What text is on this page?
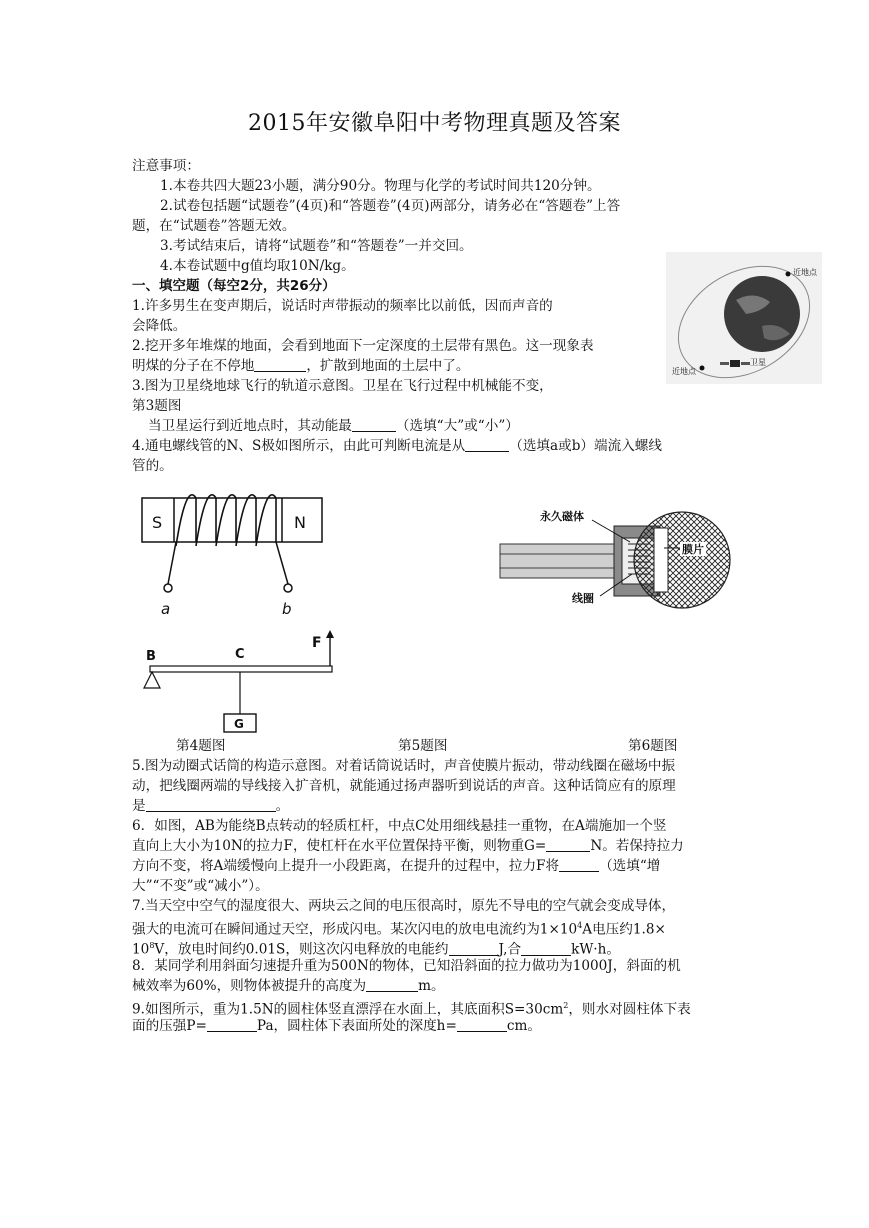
2015年安徽阜阳中考物理真题及答案
注意事项：
1.本卷共四大题23小题，满分90分。物理与化学的考试时间共120分钟。
2.试卷包括题“试题卷”(4页)和“答题卷”(4页)两部分，请务必在“答题卷”上答
题，在“试题卷”答题无效。
3.考试结束后，请将“试题卷”和“答题卷”一并交回。
4.本卷试题中g值均取10N/kg。
一、填空题（每空2分，共26分）
1.许多男生在变声期后，说话时声带振动的频率比以前低，因而声音的
会降低。
2.挖开多年堆煤的地面，会看到地面下一定深度的土层带有黑色。这一现象表
明煤的分子在不停地	，扩散到地面的土层中了。
3.图为卫星绕地球飞行的轨道示意图。卫星在飞行过程中机械能不变，
第3题图
当卫星运行到近地点时，其动能最	（选填“大”或“小”）
4.通电螺线管的N、S极如图所示，由此可判断电流是从	（选填a或b）端流入螺线
管的。
近地点
近地点
卫星
S	N
a	b
永久磁体
膜片
线圈
B	C
F
G
第4题图	第5题图	第6题图
5.图为动圈式话筒的构造示意图。对着话筒说话时，声音使膜片振动，带动线圈在磁场中振
动，把线圈两端的导线接入扩音机，就能通过扬声器听到说话的声音。这种话筒应有的原理
是	。
6．如图，AB为能绕B点转动的轻质杠杆，中点C处用细线悬挂一重物，在A端施加一个竖
直向上大小为10N的拉力F，使杠杆在水平位置保持平衡，则物重G=	N。若保持拉力
方向不变，将A端缓慢向上提升一小段距离，在提升的过程中，拉力F将	（选填“增
大”“不变”或“减小”）。
7.当天空中空气的湿度很大、两块云之间的电压很高时，原先不导电的空气就会变成导体，
强大的电流可在瞬间通过天空，形成闪电。某次闪电的放电电流约为$1\times 10^4A$电压约1.8×
$10^8V$，放电时间约0.01S，则这次闪电释放的电能约	J,合	kW·h。
8．某同学利用斜面匀速提升重为500N的物体，已知沿斜面的拉力做功为1000J，斜面的机
械效率为60%，则物体被提升的高度为	m。
9.如图所示，重为1.5N的圆柱体竖直漂浮在水面上，其底面积$S=30cm^2$，则水对圆柱体下表
面的压强P=	Pa，圆柱体下表面所处的深度h=	cm。
